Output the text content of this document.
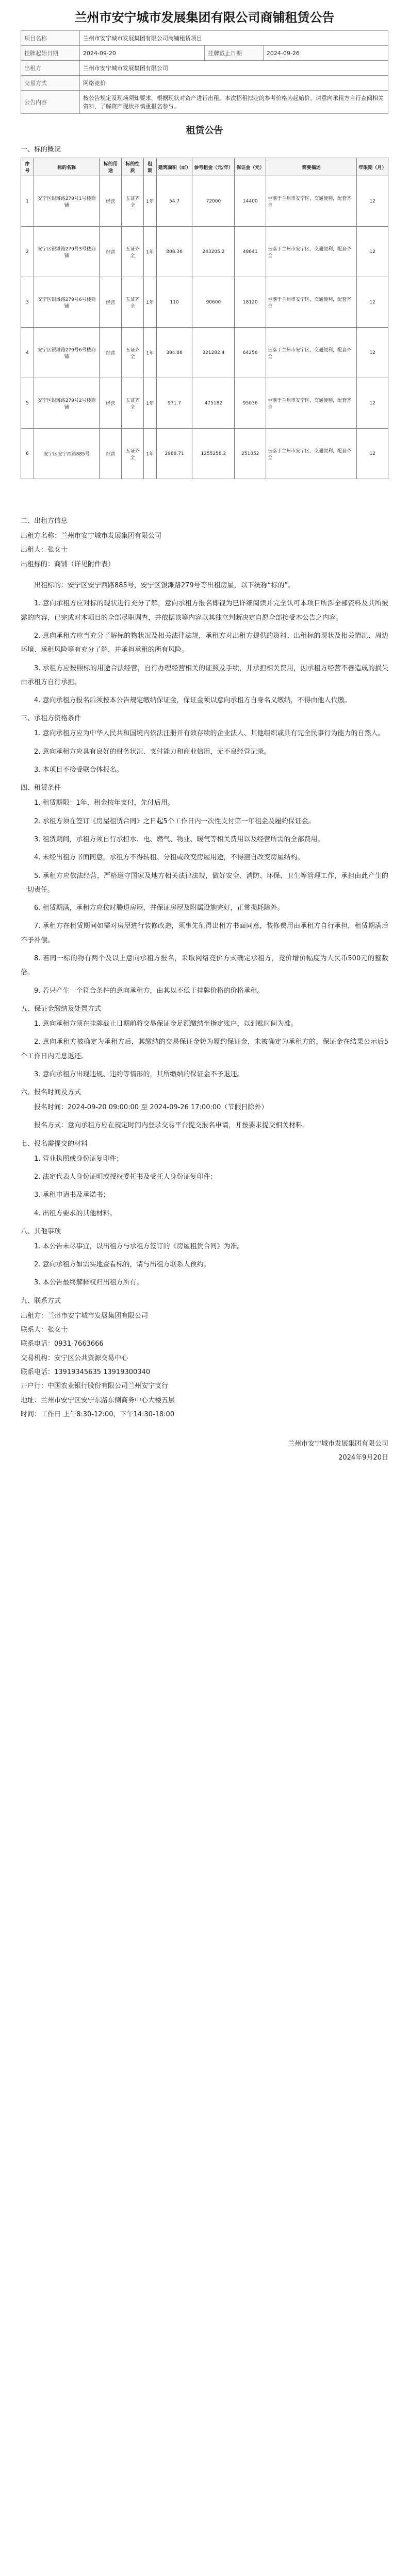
兰州市安宁城市发展集团有限公司商铺租赁公告
项目名称	兰州市安宁城市发展集团有限公司商铺租赁项目		
挂牌起始日期	2024-09-20	挂牌截止日期	2024-09-26
出租方	兰州市安宁城市发展集团有限公司		
交易方式	网络竞价		
公告内容	按公告规定及现场须知要求，根据现状对资产进行出租。本次招租拟定的参考价格为起始价。请意向承租方自行查阅相关资料，了解资产现状并慎重报名参与。		
租赁公告
一、标的概况
序号	标的名称	标的用途	标的性质	租期	建筑面积（㎡）	参考租金（元/年）	保证金（元）	简要描述	年限期（月）
1	安宁区银滩路279号1号楼商铺	经营	五证齐全	1年	54.7	72000	14400	坐落于兰州市安宁区，交通便利，配套齐全	12
2	安宁区银滩路279号3号楼商铺	经营	五证齐全	1年	808.36	243205.2	48641	坐落于兰州市安宁区，交通便利，配套齐全	12
3	安宁区银滩路279号6号楼商铺	经营	五证齐全	1年	110	90600	18120	坐落于兰州市安宁区，交通便利，配套齐全	12
4	安宁区银滩路279号6号楼商铺	经营	五证齐全	1年	384.86	321282.4	64256	坐落于兰州市安宁区，交通便利，配套齐全	12
5	安宁区银滩路279号2号楼商铺	经营	五证齐全	1年	971.7	475182	95036	坐落于兰州市安宁区，交通便利，配套齐全	12
6	安宁区安宁西路885号	经营	五证齐全	1年	2988.71	1255258.2	251052	坐落于兰州市安宁区，交通便利，配套齐全	12
二、出租方信息

出租方名称：兰州市安宁城市发展集团有限公司

出租人：张女士

出租标的：商铺（详见附件表）

出租标的：安宁区安宁西路885号，安宁区银滩路279号等出租房屋，以下统称“标的”。

1. 意向承租方应对标的现状进行充分了解，意向承租方报名即视为已详细阅读并完全认可本项目所涉全部资料及其所披露的内容，已完成对本项目的全部尽职调查，并依据该等内容以其独立判断决定自愿全部接受本公告之内容。

2. 意向承租方应当充分了解标的物状况及相关法律法规，承租方对出租方提供的资料、出租标的现状及相关情况、周边环境、承租风险等有充分了解，并承担承租的所有风险。

3. 承租方应按照标的用途合法经营，自行办理经营相关的证照及手续，并承担相关费用，因承租方经营不善造成的损失由承租方自行承担。

4. 意向承租方报名后须按本公告规定缴纳保证金，保证金须以意向承租方自身名义缴纳，不得由他人代缴。

三、承租方资格条件

1. 意向承租方应为中华人民共和国境内依法注册并有效存续的企业法人、其他组织或具有完全民事行为能力的自然人。

2. 意向承租方应具有良好的财务状况、支付能力和商业信用，无不良经营记录。

3. 本项目不接受联合体报名。

四、租赁条件

1. 租赁期限：1年，租金按年支付，先付后用。

2. 承租方须在签订《房屋租赁合同》之日起5个工作日内一次性支付第一年租金及履约保证金。

3. 租赁期间，承租方须自行承担水、电、燃气、物业、暖气等相关费用以及经营所需的全部费用。

4. 未经出租方书面同意，承租方不得转租、分租或改变房屋用途，不得擅自改变房屋结构。

5. 承租方应依法经营，严格遵守国家及地方相关法律法规，做好安全、消防、环保、卫生等管理工作，承担由此产生的一切责任。

6. 租赁期满，承租方应按时腾退房屋，并保证房屋及附属设施完好，正常损耗除外。

7. 承租方在租赁期间如需对房屋进行装修改造，须事先征得出租方书面同意，装修费用由承租方自行承担，租赁期满后不予补偿。

8. 若同一标的物有两个及以上意向承租方报名，采取网络竞价方式确定承租方，竞价增价幅度为人民币500元的整数倍。

9. 若只产生一个符合条件的意向承租方，由其以不低于挂牌价格的价格承租。

五、保证金缴纳及处置方式

1. 意向承租方须在挂牌截止日期前将交易保证金足额缴纳至指定账户，以到账时间为准。

2. 意向承租方被确定为承租方后，其缴纳的交易保证金转为履约保证金，未被确定为承租方的，保证金在结果公示后5个工作日内无息返还。

3. 意向承租方出现违规、违约等情形的，其所缴纳的保证金不予退还。

六、报名时间及方式

报名时间：2024-09-20 09:00:00 至 2024-09-26 17:00:00（节假日除外）

报名方式：意向承租方应在规定时间内登录交易平台提交报名申请，并按要求提交相关材料。

七、报名需提交的材料

1. 营业执照或身份证复印件；

2. 法定代表人身份证明或授权委托书及受托人身份证复印件；

3. 承租申请书及承诺书；

4. 出租方要求的其他材料。

八、其他事项

1. 本公告未尽事宜，以出租方与承租方签订的《房屋租赁合同》为准。

2. 意向承租方如需实地查看标的，请与出租方联系人预约。

3. 本公告最终解释权归出租方所有。

九、联系方式

出租方：兰州市安宁城市发展集团有限公司

联系人：张女士

联系电话：0931-7663666

交易机构：安宁区公共资源交易中心

联系电话：13919345635 13919300340

开户行：中国农业银行股份有限公司兰州安宁支行

地址：兰州市安宁区安宁东路东侧商务中心大楼五层

时间：工作日 上午8:30-12:00，下午14:30-18:00

兰州市安宁城市发展集团有限公司
2024年9月20日
